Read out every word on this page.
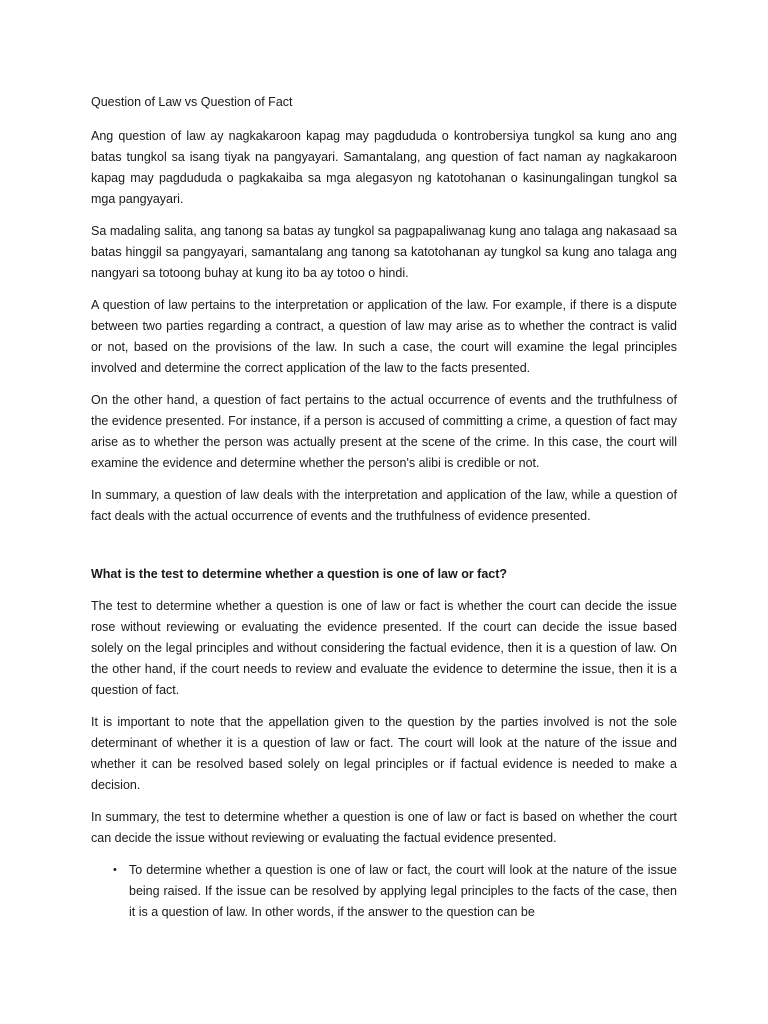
Question of Law vs Question of Fact

Ang question of law ay nagkakaroon kapag may pagdududa o kontrobersiya tungkol sa kung ano ang batas tungkol sa isang tiyak na pangyayari. Samantalang, ang question of fact naman ay nagkakaroon kapag may pagdududa o pagkakaiba sa mga alegasyon ng katotohanan o kasinungalingan tungkol sa mga pangyayari.

Sa madaling salita, ang tanong sa batas ay tungkol sa pagpapaliwanag kung ano talaga ang nakasaad sa batas hinggil sa pangyayari, samantalang ang tanong sa katotohanan ay tungkol sa kung ano talaga ang nangyari sa totoong buhay at kung ito ba ay totoo o hindi.

A question of law pertains to the interpretation or application of the law. For example, if there is a dispute between two parties regarding a contract, a question of law may arise as to whether the contract is valid or not, based on the provisions of the law. In such a case, the court will examine the legal principles involved and determine the correct application of the law to the facts presented.

On the other hand, a question of fact pertains to the actual occurrence of events and the truthfulness of the evidence presented. For instance, if a person is accused of committing a crime, a question of fact may arise as to whether the person was actually present at the scene of the crime. In this case, the court will examine the evidence and determine whether the person's alibi is credible or not.

In summary, a question of law deals with the interpretation and application of the law, while a question of fact deals with the actual occurrence of events and the truthfulness of evidence presented.

What is the test to determine whether a question is one of law or fact?

The test to determine whether a question is one of law or fact is whether the court can decide the issue rose without reviewing or evaluating the evidence presented. If the court can decide the issue based solely on the legal principles and without considering the factual evidence, then it is a question of law. On the other hand, if the court needs to review and evaluate the evidence to determine the issue, then it is a question of fact.

It is important to note that the appellation given to the question by the parties involved is not the sole determinant of whether it is a question of law or fact. The court will look at the nature of the issue and whether it can be resolved based solely on legal principles or if factual evidence is needed to make a decision.

In summary, the test to determine whether a question is one of law or fact is based on whether the court can decide the issue without reviewing or evaluating the factual evidence presented.

• To determine whether a question is one of law or fact, the court will look at the nature of the issue being raised. If the issue can be resolved by applying legal principles to the facts of the case, then it is a question of law. In other words, if the answer to the question can be
